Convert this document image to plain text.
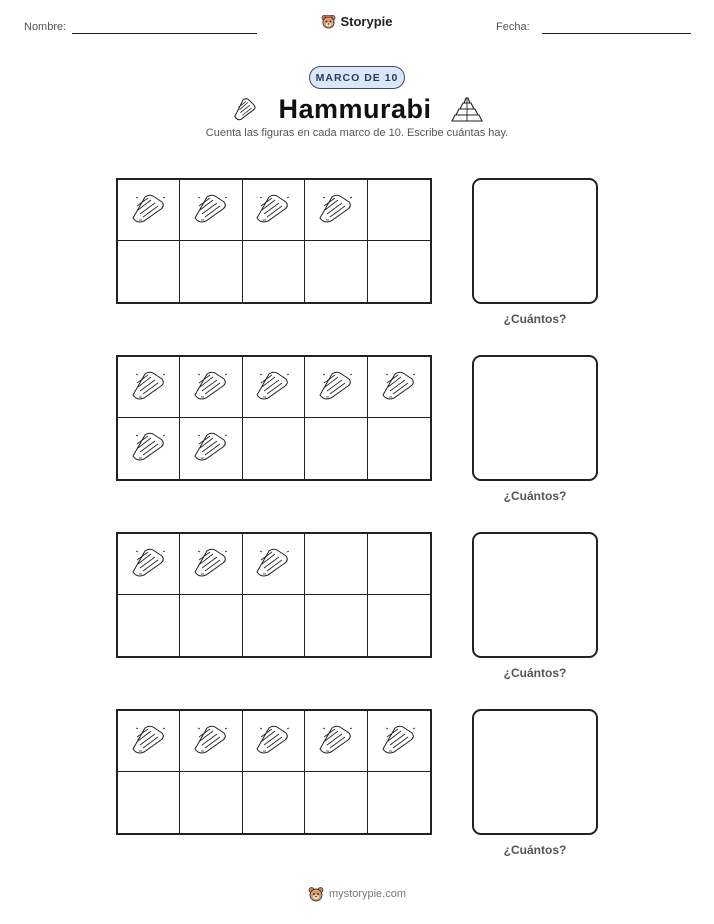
Nombre:	Storypie	Fecha:
MARCO DE 10
Hammurabi
Cuenta las figuras en cada marco de 10. Escribe cuántas hay.
¿Cuántos?
¿Cuántos?
¿Cuántos?
¿Cuántos?
mystorypie.com
